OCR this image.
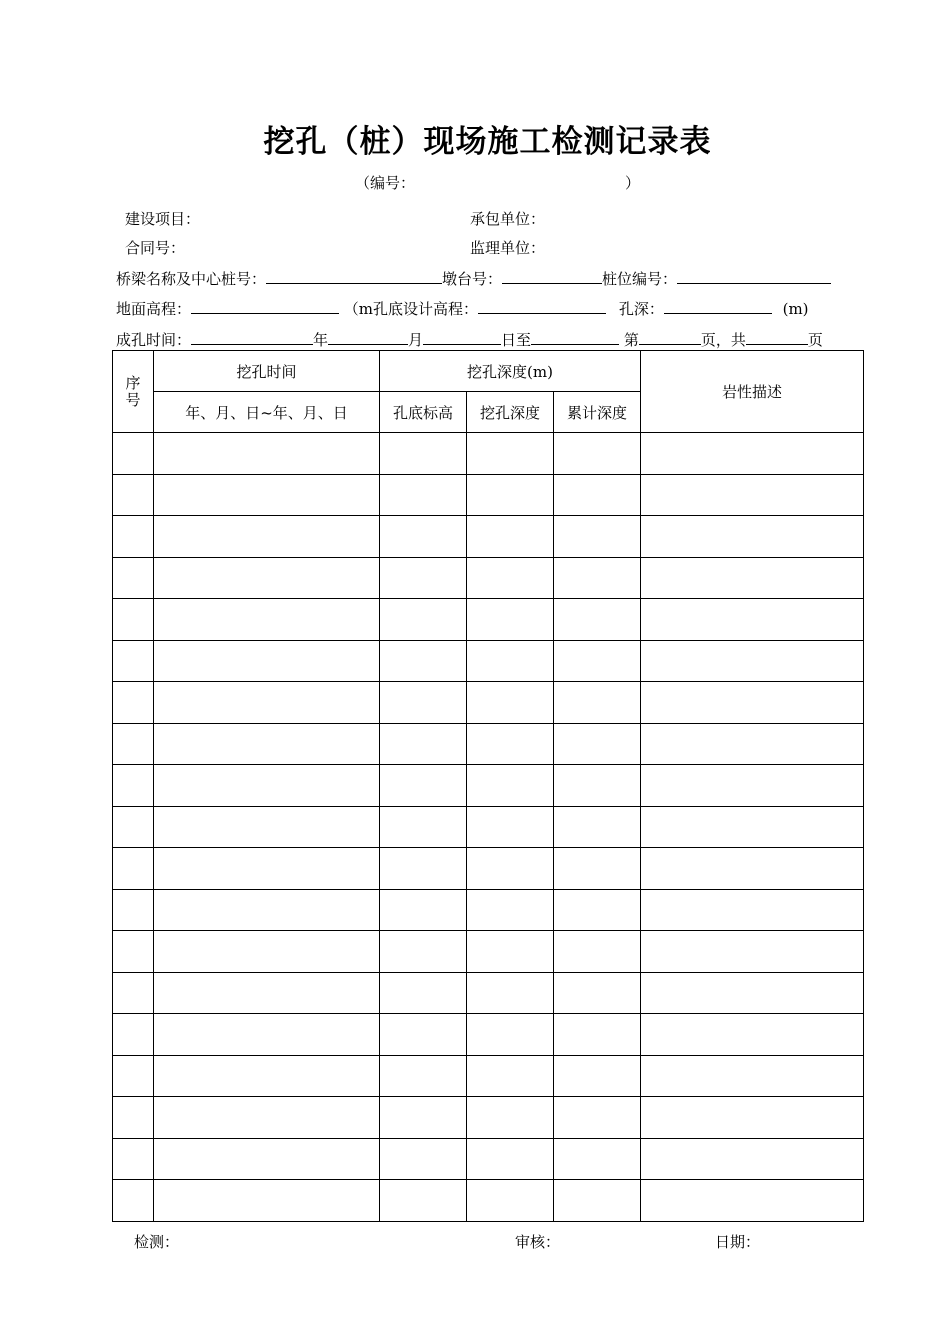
挖孔（桩）现场施工检测记录表
（编号：	）
建设项目：	承包单位：
合同号：	监理单位：
桥梁名称及中心桩号：	墩台号：	桩位编号：
地面高程：	（m孔底设计高程：	孔深：	(m)
成孔时间：	年	月	日至	第	页，共	页
序号	挖孔时间	挖孔深度(m)			岩性描述
	年、月、日~年、月、日	孔底标高	挖孔深度	累计深度	

检测：	审核：	日期：
